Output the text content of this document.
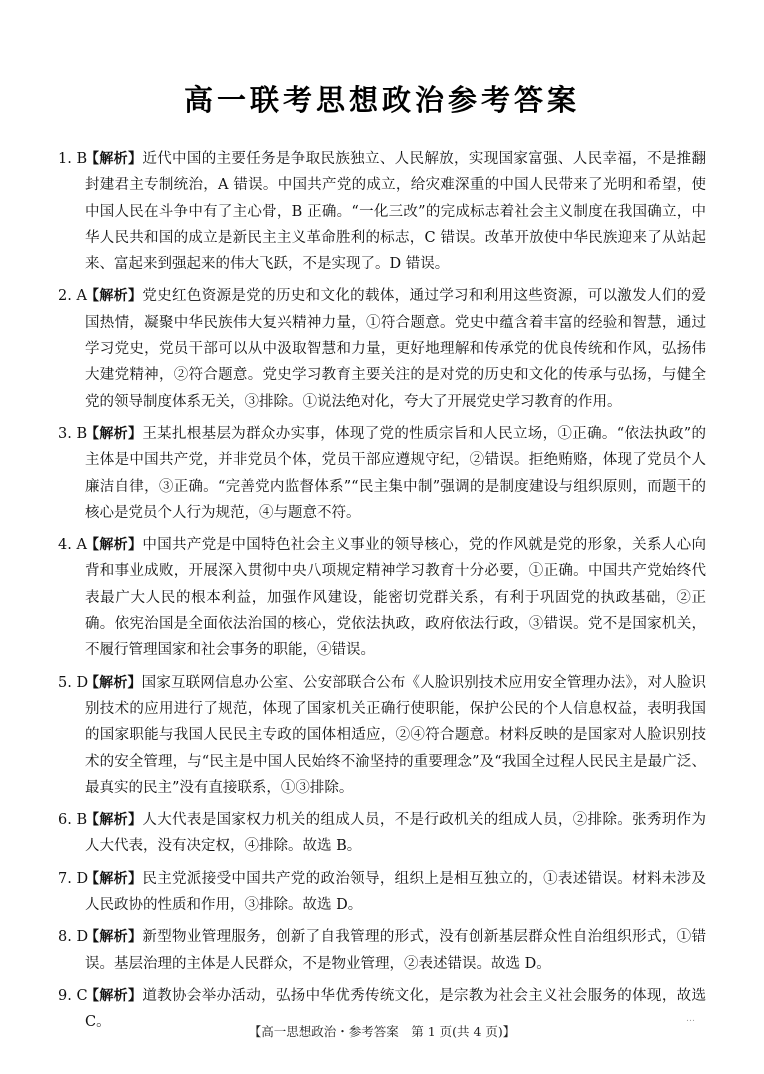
高一联考思想政治参考答案
1. B
【解析】近代中国的主要任务是争取民族独立、人民解放，实现国家富强、人民幸福，不是推翻封建君主专制统治，A 错误。中国共产党的成立，给灾难深重的中国人民带来了光明和希望，使中国人民在斗争中有了主心骨，B 正确。“一化三改”的完成标志着社会主义制度在我国确立，中华人民共和国的成立是新民主主义革命胜利的标志，C 错误。改革开放使中华民族迎来了从站起来、富起来到强起来的伟大飞跃，不是实现了。D 错误。
2. A
【解析】党史红色资源是党的历史和文化的载体，通过学习和利用这些资源，可以激发人们的爱国热情，凝聚中华民族伟大复兴精神力量，①符合题意。党史中蕴含着丰富的经验和智慧，通过学习党史，党员干部可以从中汲取智慧和力量，更好地理解和传承党的优良传统和作风，弘扬伟大建党精神，②符合题意。党史学习教育主要关注的是对党的历史和文化的传承与弘扬，与健全党的领导制度体系无关，③排除。①说法绝对化，夸大了开展党史学习教育的作用。
3. B
【解析】王某扎根基层为群众办实事，体现了党的性质宗旨和人民立场，①正确。“依法执政”的主体是中国共产党，并非党员个体，党员干部应遵规守纪，②错误。拒绝贿赂，体现了党员个人廉洁自律，③正确。“完善党内监督体系”“民主集中制”强调的是制度建设与组织原则，而题干的核心是党员个人行为规范，④与题意不符。
4. A
【解析】中国共产党是中国特色社会主义事业的领导核心，党的作风就是党的形象，关系人心向背和事业成败，开展深入贯彻中央八项规定精神学习教育十分必要，①正确。中国共产党始终代表最广大人民的根本利益，加强作风建设，能密切党群关系，有利于巩固党的执政基础，②正确。依宪治国是全面依法治国的核心，党依法执政，政府依法行政，③错误。党不是国家机关，不履行管理国家和社会事务的职能，④错误。
5. D
【解析】国家互联网信息办公室、公安部联合公布《人脸识别技术应用安全管理办法》，对人脸识别技术的应用进行了规范，体现了国家机关正确行使职能，保护公民的个人信息权益，表明我国的国家职能与我国人民民主专政的国体相适应，②④符合题意。材料反映的是国家对人脸识别技术的安全管理，与“民主是中国人民始终不渝坚持的重要理念”及“我国全过程人民民主是最广泛、最真实的民主”没有直接联系，①③排除。
6. B
【解析】人大代表是国家权力机关的组成人员，不是行政机关的组成人员，②排除。张秀玥作为人大代表，没有决定权，④排除。故选 B。
7. D
【解析】民主党派接受中国共产党的政治领导，组织上是相互独立的，①表述错误。材料未涉及人民政协的性质和作用，③排除。故选 D。
8. D
【解析】新型物业管理服务，创新了自我管理的形式，没有创新基层群众性自治组织形式，①错误。基层治理的主体是人民群众，不是物业管理，②表述错误。故选 D。
9. C
【解析】道教协会举办活动，弘扬中华优秀传统文化，是宗教为社会主义社会服务的体现，故选 C。
【高一思想政治・参考答案　第 1 页(共 4 页)】
…
